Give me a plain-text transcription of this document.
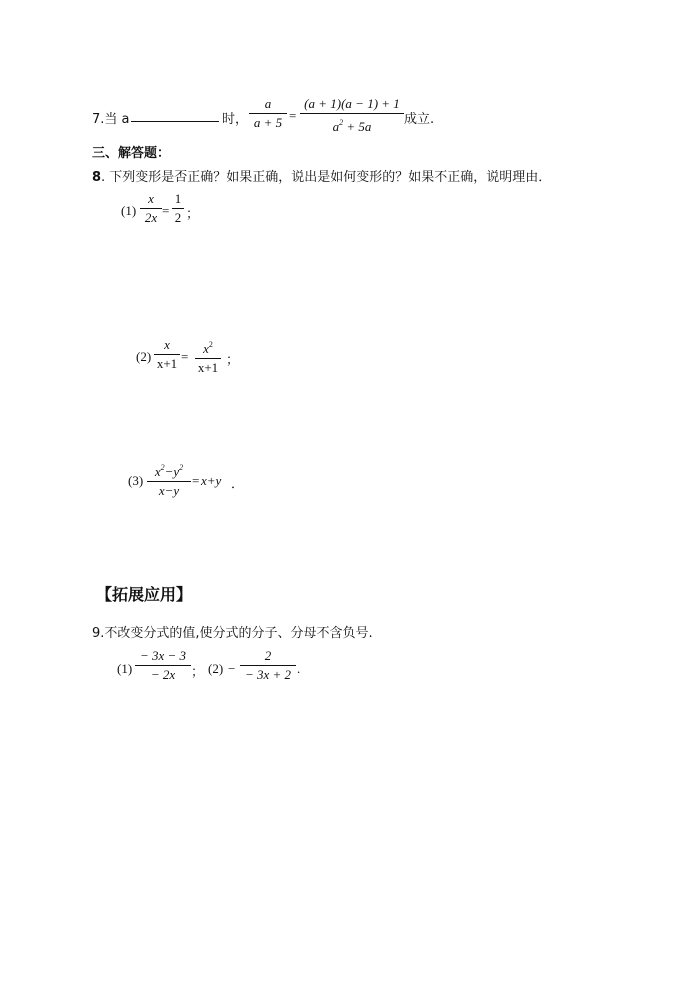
7.当 a	时，
a
a + 5 =
(a + 1)(a − 1) + 1
$a^2 + 5a$	成立.
三、解答题：
8. 下列变形是否正确？如果正确，说出是如何变形的？如果不正确，说明理由．
(1)
x
2x =
1
2 ；
(2)
x
x+1 =
$x^2$
x+1 ；
(3)
$x^2-y^2$
x−y
= x+y ．
【拓展应用】
9.不改变分式的值,使分式的分子、分母不含负号.
(1)
− 3x − 3
− 2x	； (2) −
2
− 3x + 2 .
